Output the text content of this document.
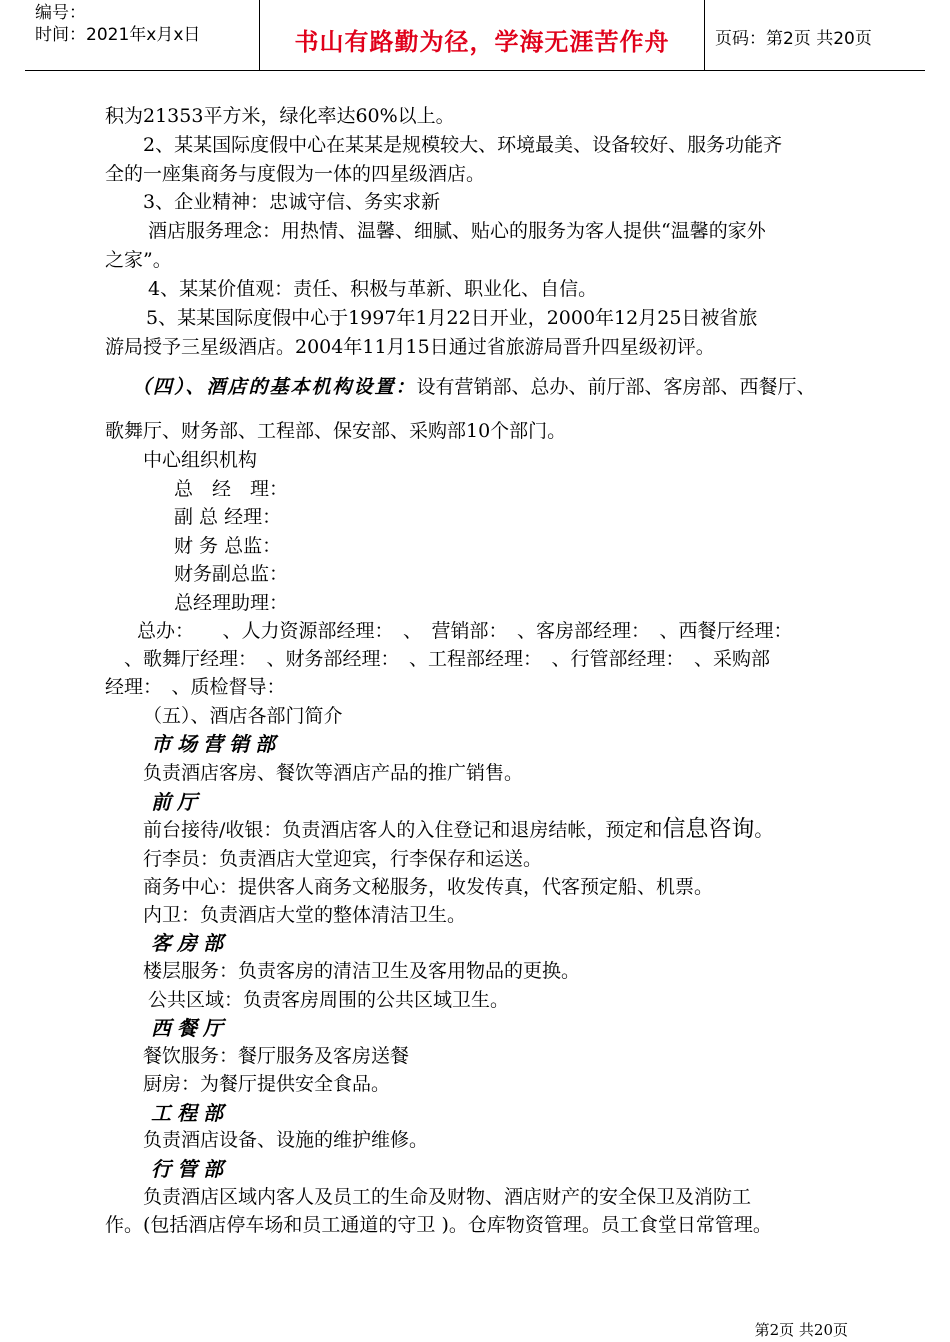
编号：
时间：2021年x月x日	书山有路勤为径，学海无涯苦作舟	页码：第2页 共20页
积为21353平方米，绿化率达60%以上。
2、某某国际度假中心在某某是规模较大、环境最美、设备较好、服务功能齐
全的一座集商务与度假为一体的四星级酒店。
3、企业精神：忠诚守信、务实求新
酒店服务理念：用热情、温馨、细腻、贴心的服务为客人提供“温馨的家外
之家”。
4、某某价值观：责任、积极与革新、职业化、自信。
5、某某国际度假中心于1997年1月22日开业，2000年12月25日被省旅
游局授予三星级酒店。2004年11月15日通过省旅游局晋升四星级初评。
（四）、酒店的基本机构设置：设有营销部、总办、前厅部、客房部、西餐厅、
歌舞厅、财务部、工程部、保安部、采购部10个部门。
中心组织机构
总　经　理：
副 总 经理：
财 务 总监：
财务副总监：
总经理助理：
总办：　　、人力资源部经理：　、　营销部：　、客房部经理：　、西餐厅经理：
、歌舞厅经理：　、财务部经理：　、工程部经理：　、行管部经理：　、采购部
经理：　、质检督导：
（五）、酒店各部门简介
市场营销部
负责酒店客房、餐饮等酒店产品的推广销售。
前厅
前台接待/收银：负责酒店客人的入住登记和退房结帐，预定和信息咨询。
行李员：负责酒店大堂迎宾，行李保存和运送。
商务中心：提供客人商务文秘服务，收发传真，代客预定船、机票。
内卫：负责酒店大堂的整体清洁卫生。
客房部
楼层服务：负责客房的清洁卫生及客用物品的更换。
公共区域：负责客房周围的公共区域卫生。
西餐厅
餐饮服务：餐厅服务及客房送餐
厨房：为餐厅提供安全食品。
工程部
负责酒店设备、设施的维护维修。
行管部
负责酒店区域内客人及员工的生命及财物、酒店财产的安全保卫及消防工
作。(包括酒店停车场和员工通道的守卫 )。仓库物资管理。员工食堂日常管理。
第2页 共20页
